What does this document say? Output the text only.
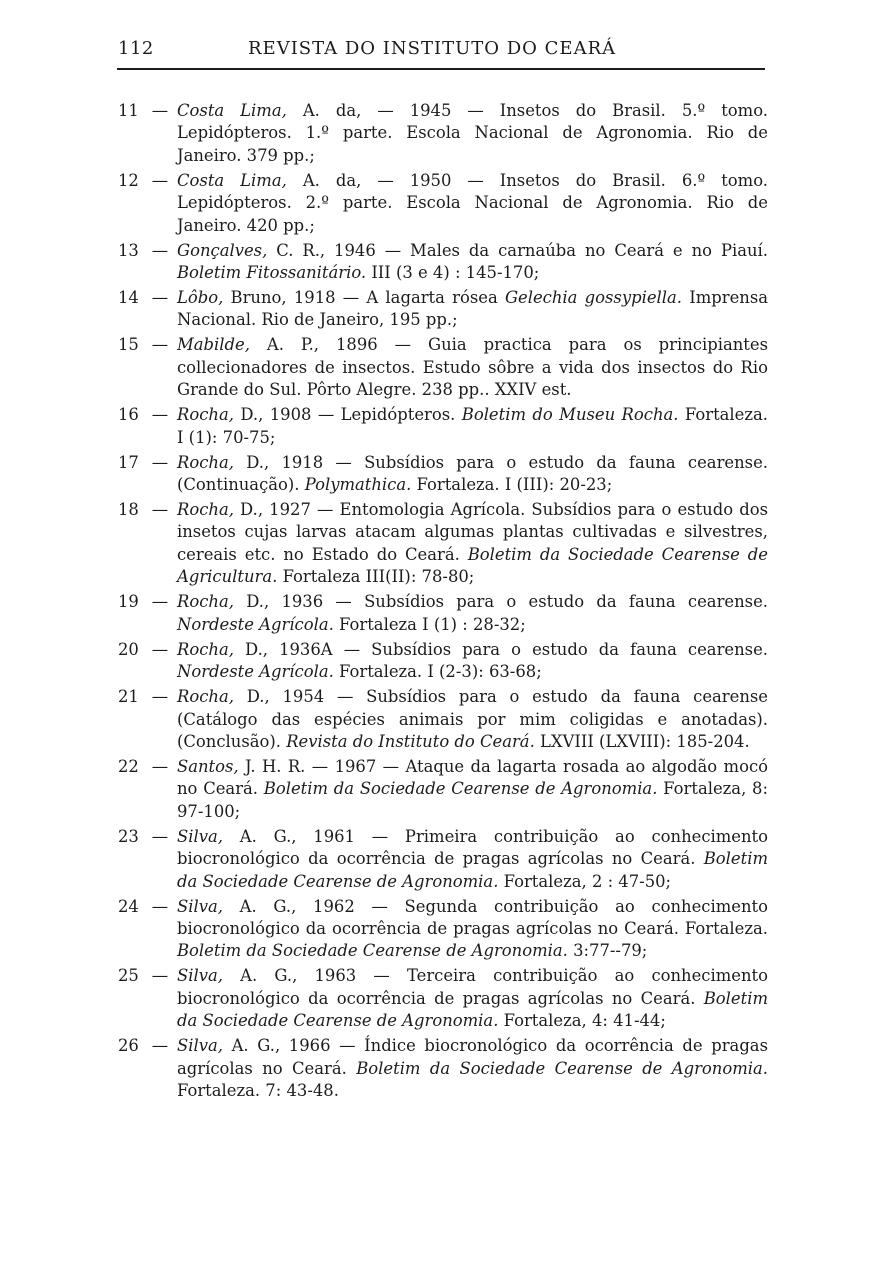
112	REVISTA DO INSTITUTO DO CEARÁ
11 — Costa Lima, A. da, — 1945 — Insetos do Brasil. 5.º tomo. Lepidópteros. 1.º parte. Escola Nacional de Agronomia. Rio de Janeiro. 379 pp.;
12 — Costa Lima, A. da, — 1950 — Insetos do Brasil. 6.º tomo. Lepidópteros. 2.º parte. Escola Nacional de Agronomia. Rio de Janeiro. 420 pp.;
13 — Gonçalves, C. R., 1946 — Males da carnaúba no Ceará e no Piauí. Boletim Fitossanitário. III (3 e 4) : 145-170;
14 — Lôbo, Bruno, 1918 — A lagarta rósea Gelechia gossypiella. Imprensa Nacional. Rio de Janeiro, 195 pp.;
15 — Mabilde, A. P., 1896 — Guia practica para os principiantes collecionadores de insectos. Estudo sôbre a vida dos insectos do Rio Grande do Sul. Pôrto Alegre. 238 pp.. XXIV est.
16 — Rocha, D., 1908 — Lepidópteros. Boletim do Museu Rocha. Fortaleza. I (1): 70-75;
17 — Rocha, D., 1918 — Subsídios para o estudo da fauna cearense. (Continuação). Polymathica. Fortaleza. I (III): 20-23;
18 — Rocha, D., 1927 — Entomologia Agrícola. Subsídios para o estudo dos insetos cujas larvas atacam algumas plantas cultivadas e silvestres, cereais etc. no Estado do Ceará. Boletim da Sociedade Cearense de Agricultura. Fortaleza III(II): 78-80;
19 — Rocha, D., 1936 — Subsídios para o estudo da fauna cearense. Nordeste Agrícola. Fortaleza I (1) : 28-32;
20 — Rocha, D., 1936A — Subsídios para o estudo da fauna cearense. Nordeste Agrícola. Fortaleza. I (2-3): 63-68;
21 — Rocha, D., 1954 — Subsídios para o estudo da fauna cearense (Catálogo das espécies animais por mim coligidas e anotadas). (Conclusão). Revista do Instituto do Ceará. LXVIII (LXVIII): 185-204.
22 — Santos, J. H. R. — 1967 — Ataque da lagarta rosada ao algodão mocó no Ceará. Boletim da Sociedade Cearense de Agronomia. Fortaleza, 8: 97-100;
23 — Silva, A. G., 1961 — Primeira contribuição ao conhecimento biocronológico da ocorrência de pragas agrícolas no Ceará. Boletim da Sociedade Cearense de Agronomia. Fortaleza, 2 : 47-50;
24 — Silva, A. G., 1962 — Segunda contribuição ao conhecimento biocronológico da ocorrência de pragas agrícolas no Ceará. Fortaleza. Boletim da Sociedade Cearense de Agronomia. 3:77--79;
25 — Silva, A. G., 1963 — Terceira contribuição ao conhecimento biocronológico da ocorrência de pragas agrícolas no Ceará. Boletim da Sociedade Cearense de Agronomia. Fortaleza, 4: 41-44;
26 — Silva, A. G., 1966 — Índice biocronológico da ocorrência de pragas agrícolas no Ceará. Boletim da Sociedade Cearense de Agronomia. Fortaleza. 7: 43-48.
